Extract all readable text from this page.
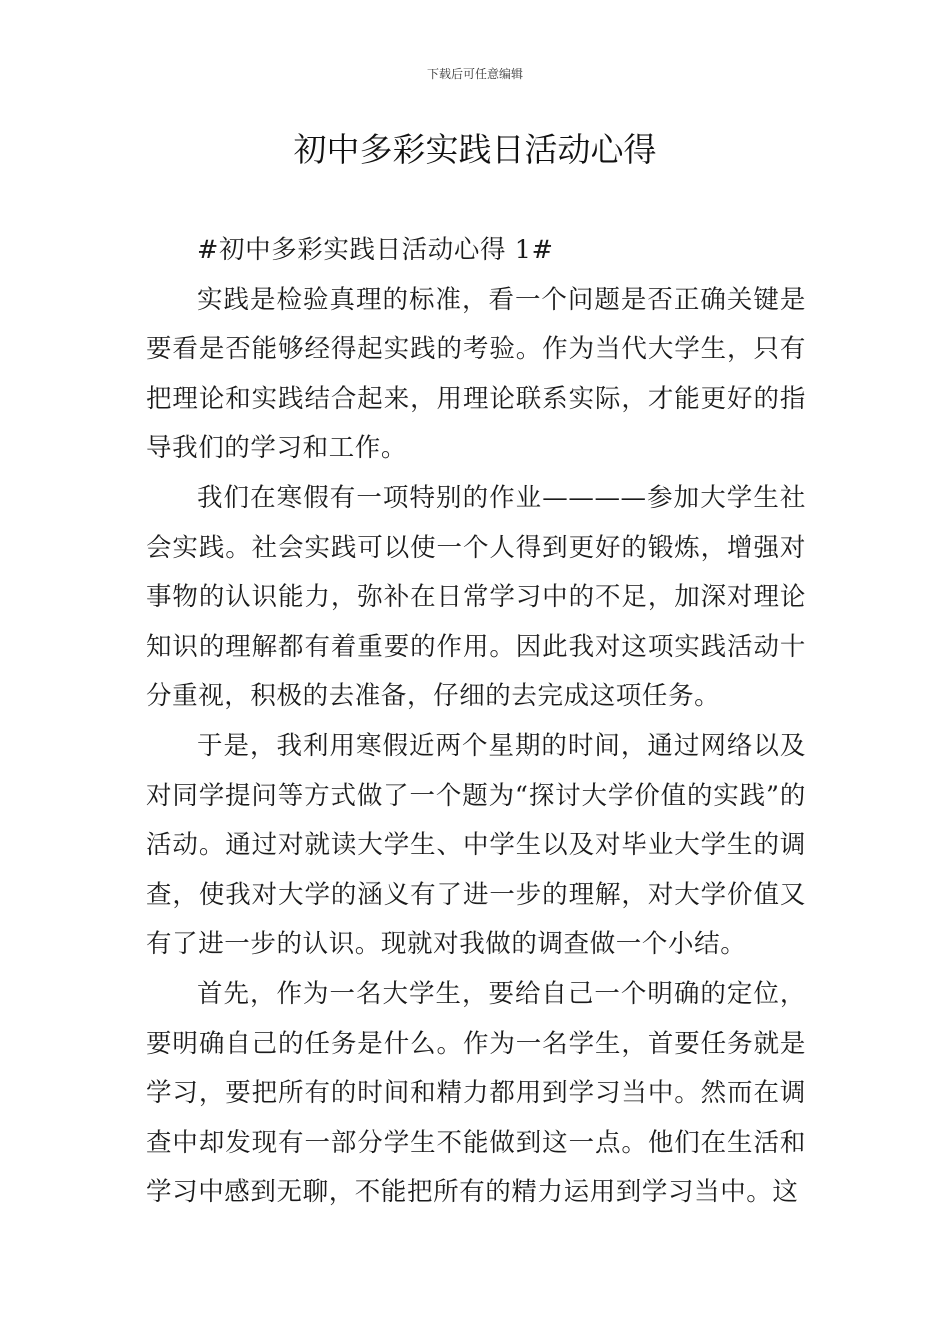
下载后可任意编辑
初中多彩实践日活动心得

#初中多彩实践日活动心得 1#

实践是检验真理的标准，看一个问题是否正确关键是要看是否能够经得起实践的考验。作为当代大学生，只有把理论和实践结合起来，用理论联系实际，才能更好的指导我们的学习和工作。

我们在寒假有一项特别的作业————参加大学生社会实践。社会实践可以使一个人得到更好的锻炼，增强对事物的认识能力，弥补在日常学习中的不足，加深对理论知识的理解都有着重要的作用。因此我对这项实践活动十分重视，积极的去准备，仔细的去完成这项任务。

于是，我利用寒假近两个星期的时间，通过网络以及对同学提问等方式做了一个题为“探讨大学价值的实践”的活动。通过对就读大学生、中学生以及对毕业大学生的调查，使我对大学的涵义有了进一步的理解，对大学价值又有了进一步的认识。现就对我做的调查做一个小结。

首先，作为一名大学生，要给自己一个明确的定位，要明确自己的任务是什么。作为一名学生，首要任务就是学习，要把所有的时间和精力都用到学习当中。然而在调查中却发现有一部分学生不能做到这一点。他们在生活和学习中感到无聊，不能把所有的精力运用到学习当中。这
